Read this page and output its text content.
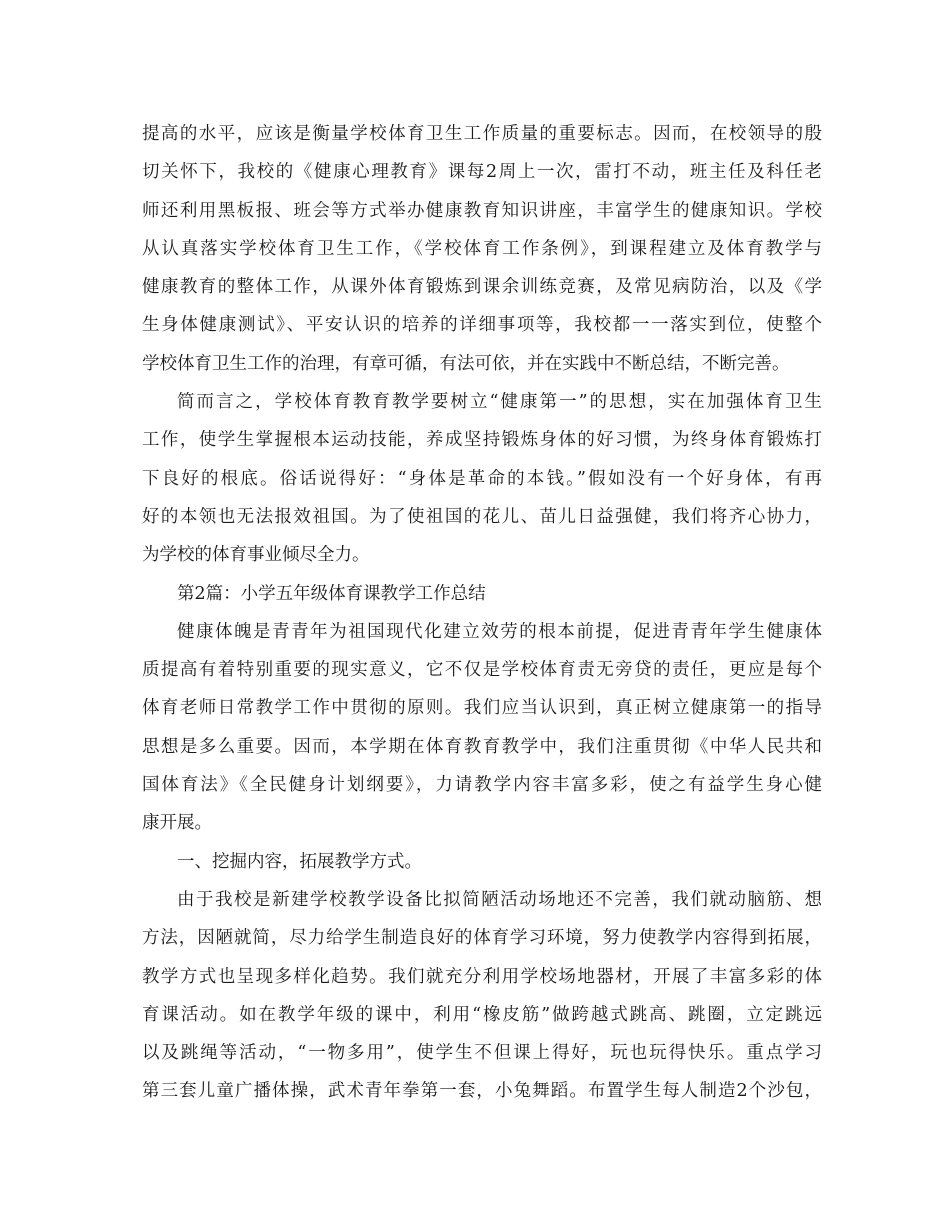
提高的水平，应该是衡量学校体育卫生工作质量的重要标志。因而，在校领导的殷
切关怀下，我校的《健康心理教育》课每2周上一次，雷打不动，班主任及科任老
师还利用黑板报、班会等方式举办健康教育知识讲座，丰富学生的健康知识。学校
从认真落实学校体育卫生工作，《学校体育工作条例》，到课程建立及体育教学与
健康教育的整体工作，从课外体育锻炼到课余训练竞赛，及常见病防治，以及《学
生身体健康测试》、平安认识的培养的详细事项等，我校都一一落实到位，使整个
学校体育卫生工作的治理，有章可循，有法可依，并在实践中不断总结，不断完善。
简而言之，学校体育教育教学要树立“健康第一”的思想，实在加强体育卫生
工作，使学生掌握根本运动技能，养成坚持锻炼身体的好习惯，为终身体育锻炼打
下良好的根底。俗话说得好：“身体是革命的本钱。”假如没有一个好身体，有再
好的本领也无法报效祖国。为了使祖国的花儿、苗儿日益强健，我们将齐心协力，
为学校的体育事业倾尽全力。
第2篇：小学五年级体育课教学工作总结
健康体魄是青青年为祖国现代化建立效劳的根本前提，促进青青年学生健康体
质提高有着特别重要的现实意义，它不仅是学校体育责无旁贷的责任，更应是每个
体育老师日常教学工作中贯彻的原则。我们应当认识到，真正树立健康第一的指导
思想是多么重要。因而，本学期在体育教育教学中，我们注重贯彻《中华人民共和
国体育法》《全民健身计划纲要》，力请教学内容丰富多彩，使之有益学生身心健
康开展。
一、挖掘内容，拓展教学方式。
由于我校是新建学校教学设备比拟简陋活动场地还不完善，我们就动脑筋、想
方法，因陋就简，尽力给学生制造良好的体育学习环境，努力使教学内容得到拓展，
教学方式也呈现多样化趋势。我们就充分利用学校场地器材，开展了丰富多彩的体
育课活动。如在教学年级的课中，利用“橡皮筋”做跨越式跳高、跳圈，立定跳远
以及跳绳等活动，“一物多用”，使学生不但课上得好，玩也玩得快乐。重点学习
第三套儿童广播体操，武术青年拳第一套，小兔舞蹈。布置学生每人制造2个沙包，
